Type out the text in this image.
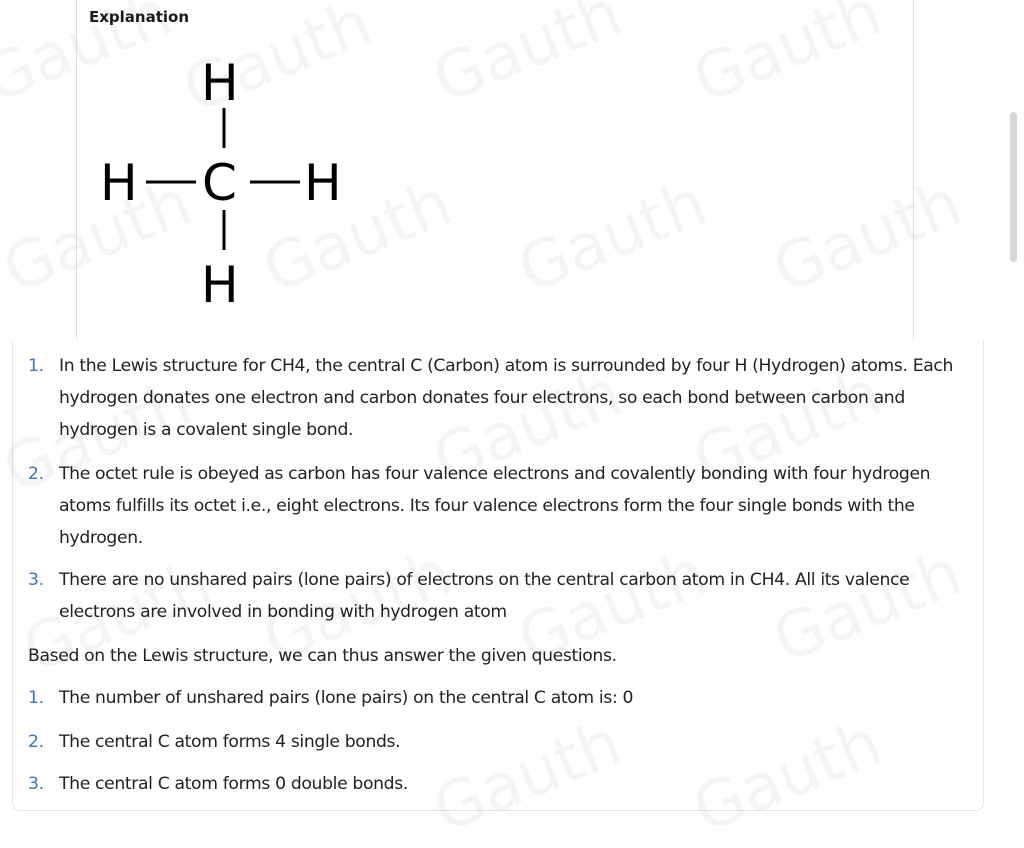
Explanation
H
H C H
H
1. In the Lewis structure for CH4, the central C (Carbon) atom is surrounded by four H (Hydrogen) atoms. Each hydrogen donates one electron and carbon donates four electrons, so each bond between carbon and hydrogen is a covalent single bond.
2. The octet rule is obeyed as carbon has four valence electrons and covalently bonding with four hydrogen atoms fulfills its octet i.e., eight electrons. Its four valence electrons form the four single bonds with the hydrogen.
3. There are no unshared pairs (lone pairs) of electrons on the central carbon atom in CH4. All its valence electrons are involved in bonding with hydrogen atom
Based on the Lewis structure, we can thus answer the given questions.
1. The number of unshared pairs (lone pairs) on the central C atom is: 0
2. The central C atom forms 4 single bonds.
3. The central C atom forms 0 double bonds.
